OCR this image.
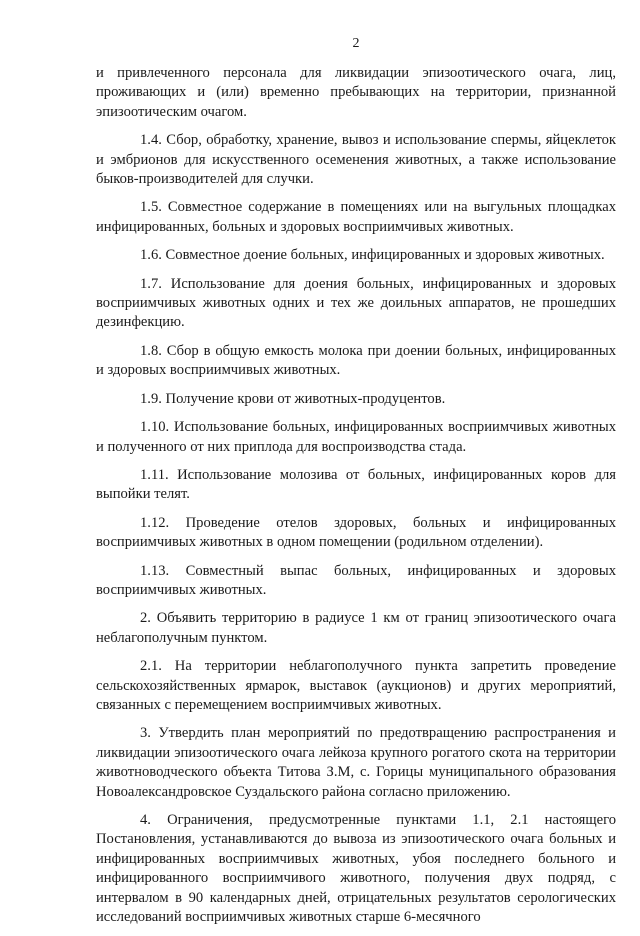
2

и привлеченного персонала для ликвидации эпизоотического очага, лиц, проживающих и (или) временно пребывающих на территории, признанной эпизоотическим очагом.

1.4. Сбор, обработку, хранение, вывоз и использование спермы, яйцеклеток и эмбрионов для искусственного осеменения животных, а также использование быков-производителей для случки.

1.5. Совместное содержание в помещениях или на выгульных площадках инфицированных, больных и здоровых восприимчивых животных.

1.6. Совместное доение больных, инфицированных и здоровых животных.

1.7. Использование для доения больных, инфицированных и здоровых восприимчивых животных одних и тех же доильных аппаратов, не прошедших дезинфекцию.

1.8. Сбор в общую емкость молока при доении больных, инфицированных и здоровых восприимчивых животных.

1.9. Получение крови от животных-продуцентов.

1.10. Использование больных, инфицированных восприимчивых животных и полученного от них приплода для воспроизводства стада.

1.11. Использование молозива от больных, инфицированных коров для выпойки телят.

1.12. Проведение отелов здоровых, больных и инфицированных восприимчивых животных в одном помещении (родильном отделении).

1.13. Совместный выпас больных, инфицированных и здоровых восприимчивых животных.

2. Объявить территорию в радиусе 1 км от границ эпизоотического очага неблагополучным пунктом.

2.1. На территории неблагополучного пункта запретить проведение сельскохозяйственных ярмарок, выставок (аукционов) и других мероприятий, связанных с перемещением восприимчивых животных.

3. Утвердить план мероприятий по предотвращению распространения и ликвидации эпизоотического очага лейкоза крупного рогатого скота на территории животноводческого объекта Титова З.М, с. Горицы муниципального образования Новоалександровское Суздальского района согласно приложению.

4. Ограничения, предусмотренные пунктами 1.1, 2.1 настоящего Постановления, устанавливаются до вывоза из эпизоотического очага больных и инфицированных восприимчивых животных, убоя последнего больного и инфицированного восприимчивого животного, получения двух подряд, с интервалом в 90 календарных дней, отрицательных результатов серологических исследований восприимчивых животных старше 6-месячного
